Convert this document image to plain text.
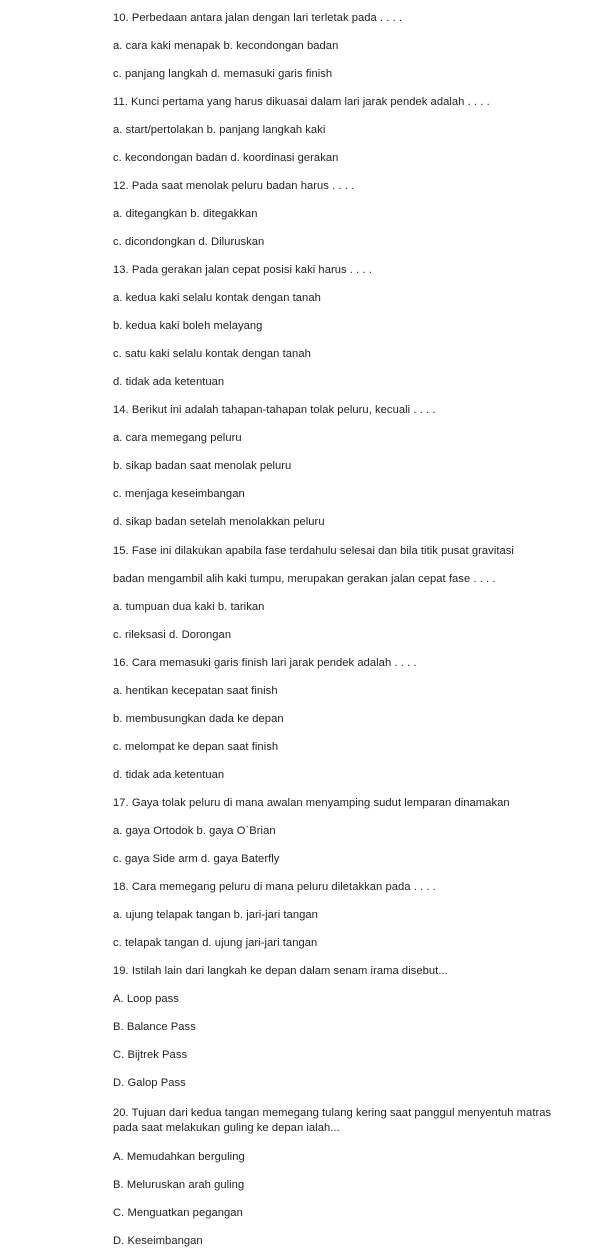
10. Perbedaan antara jalan dengan lari terletak pada . . . .
a. cara kaki menapak b. kecondongan badan
c. panjang langkah d. memasuki garis finish
11. Kunci pertama yang harus dikuasai dalam lari jarak pendek adalah . . . .
a. start/pertolakan b. panjang langkah kaki
c. kecondongan badan d. koordinasi gerakan
12. Pada saat menolak peluru badan harus . . . .
a. ditegangkan b. ditegakkan
c. dicondongkan d. Diluruskan
13. Pada gerakan jalan cepat posisi kaki harus . . . .
a. kedua kaki selalu kontak dengan tanah
b. kedua kaki boleh melayang
c. satu kaki selalu kontak dengan tanah
d. tidak ada ketentuan
14. Berikut ini adalah tahapan-tahapan tolak peluru, kecuali . . . .
a. cara memegang peluru
b. sikap badan saat menolak peluru
c. menjaga keseimbangan
d. sikap badan setelah menolakkan peluru
15. Fase ini dilakukan apabila fase terdahulu selesai dan bila titik pusat gravitasi
badan mengambil alih kaki tumpu, merupakan gerakan jalan cepat fase . . . .
a. tumpuan dua kaki b. tarikan
c. rileksasi d. Dorongan
16. Cara memasuki garis finish lari jarak pendek adalah . . . .
a. hentikan kecepatan saat finish
b. membusungkan dada ke depan
c. melompat ke depan saat finish
d. tidak ada ketentuan
17. Gaya tolak peluru di mana awalan menyamping sudut lemparan dinamakan
a. gaya Ortodok b. gaya O`Brian
c. gaya Side arm d. gaya Baterfly
18. Cara memegang peluru di mana peluru diletakkan pada . . . .
a. ujung telapak tangan b. jari-jari tangan
c. telapak tangan d. ujung jari-jari tangan
19. Istilah lain dari langkah ke depan dalam senam irama disebut...
A. Loop pass
B. Balance Pass
C. Bijtrek Pass
D. Galop Pass
20. Tujuan dari kedua tangan memegang tulang kering saat panggul menyentuh matras
pada saat melakukan guling ke depan ialah...
A. Memudahkan berguling
B. Meluruskan arah guling
C. Menguatkan pegangan
D. Keseimbangan
